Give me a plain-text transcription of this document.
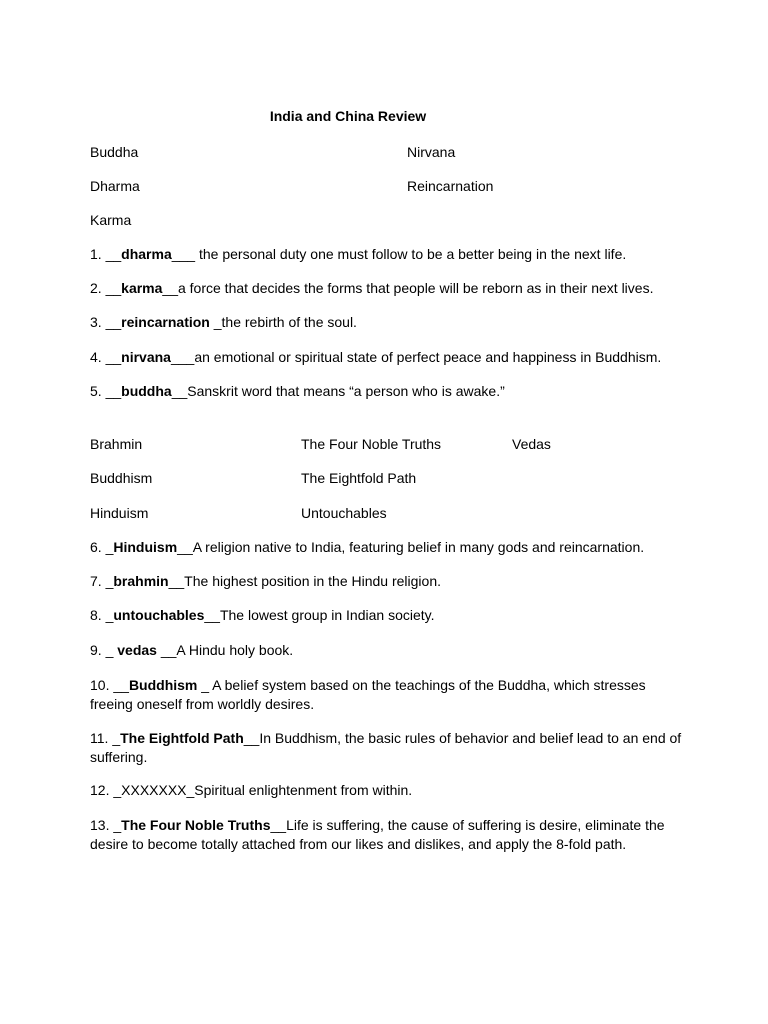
India and China Review
Buddha	Nirvana
Dharma	Reincarnation
Karma
1. __dharma___ the personal duty one must follow to be a better being in the next life.
2. __karma__a force that decides the forms that people will be reborn as in their next lives.
3. __reincarnation _the rebirth of the soul.
4. __nirvana___an emotional or spiritual state of perfect peace and happiness in Buddhism.
5. __buddha__Sanskrit word that means “a person who is awake.”
Brahmin	The Four Noble Truths	Vedas
Buddhism	The Eightfold Path
Hinduism	Untouchables
6. _Hinduism__A religion native to India, featuring belief in many gods and reincarnation.
7. _brahmin__The highest position in the Hindu religion.
8. _untouchables__The lowest group in Indian society.
9. _ vedas __A Hindu holy book.
10. __Buddhism _ A belief system based on the teachings of the Buddha, which stresses freeing oneself from worldly desires.
11. _The Eightfold Path__In Buddhism, the basic rules of behavior and belief lead to an end of suffering.
12. _XXXXXXX_Spiritual enlightenment from within.
13. _The Four Noble Truths__Life is suffering, the cause of suffering is desire, eliminate the desire to become totally attached from our likes and dislikes, and apply the 8-fold path.
